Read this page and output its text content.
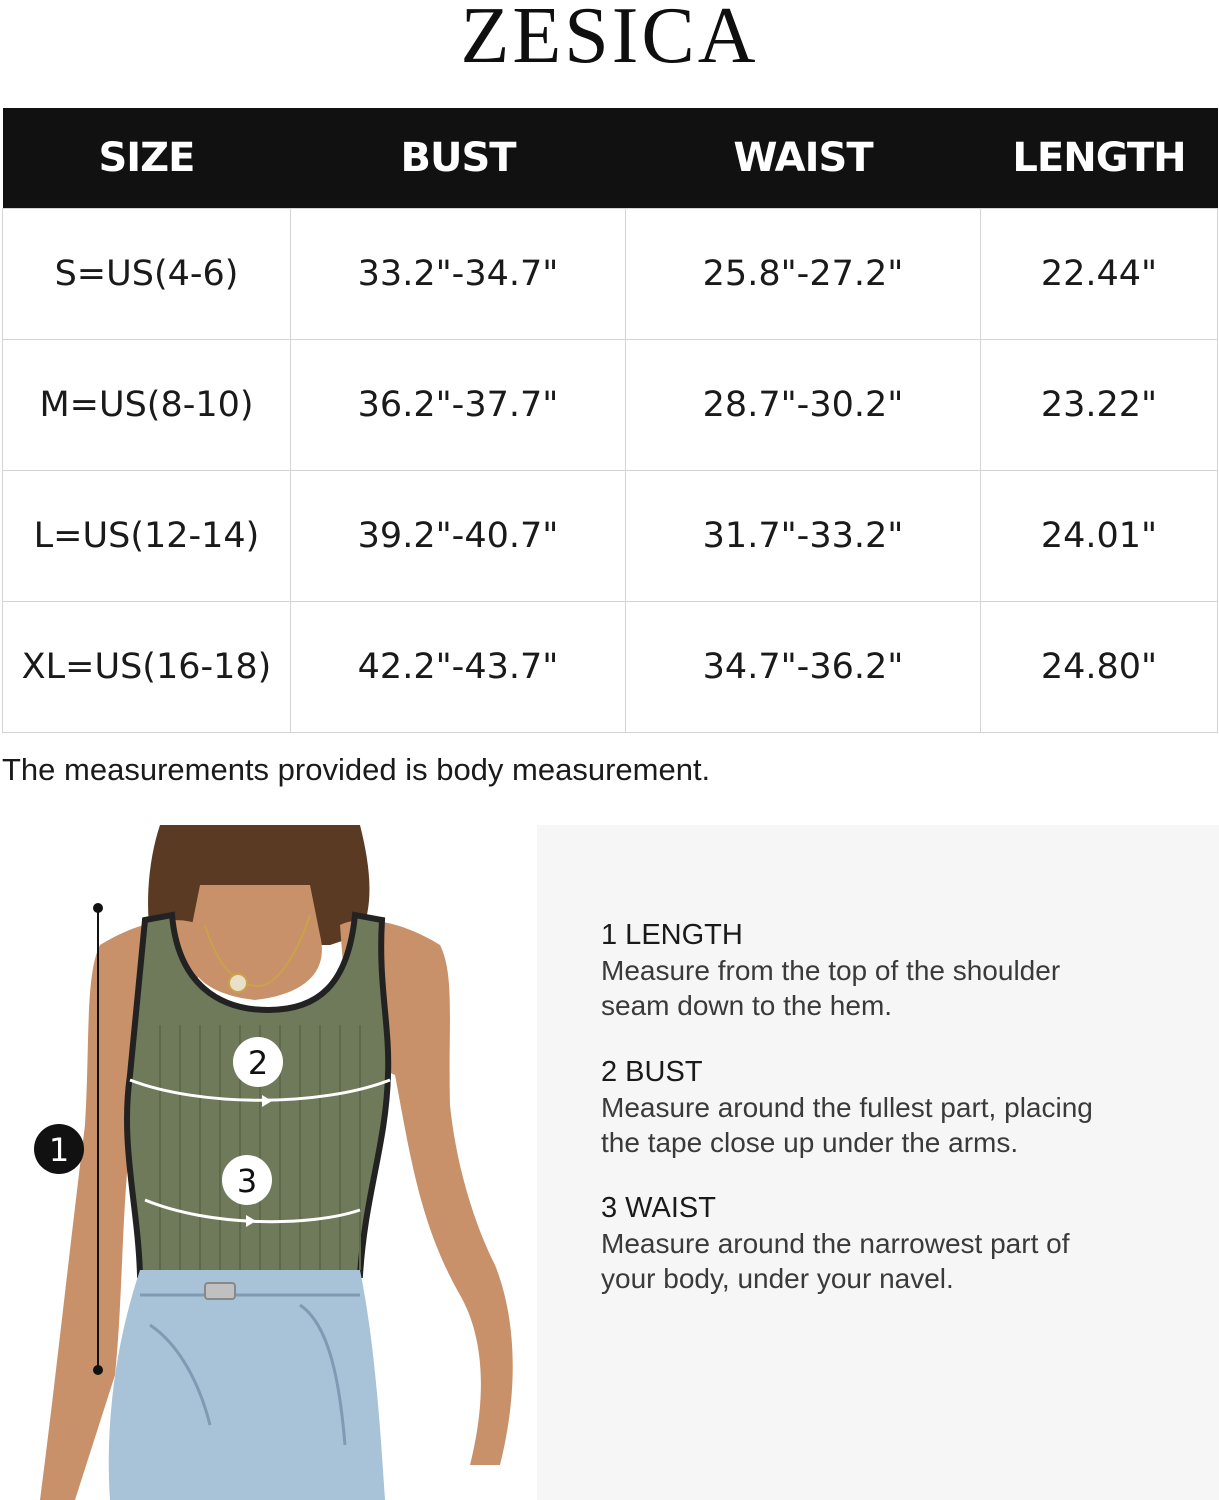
ZESICA
SIZE	BUST	WAIST	LENGTH
S=US(4-6)	33.2"-34.7"	25.8"-27.2"	22.44"
M=US(8-10)	36.2"-37.7"	28.7"-30.2"	23.22"
L=US(12-14)	39.2"-40.7"	31.7"-33.2"	24.01"
XL=US(16-18)	42.2"-43.7"	34.7"-36.2"	24.80"
The measurements provided is body measurement.
1
2
3
1 LENGTH
Measure from the top of the shoulder
seam down to the hem.
2 BUST
Measure around the fullest part, placing
the tape close up under the arms.
3 WAIST
Measure around the narrowest part of
your body, under your navel.
